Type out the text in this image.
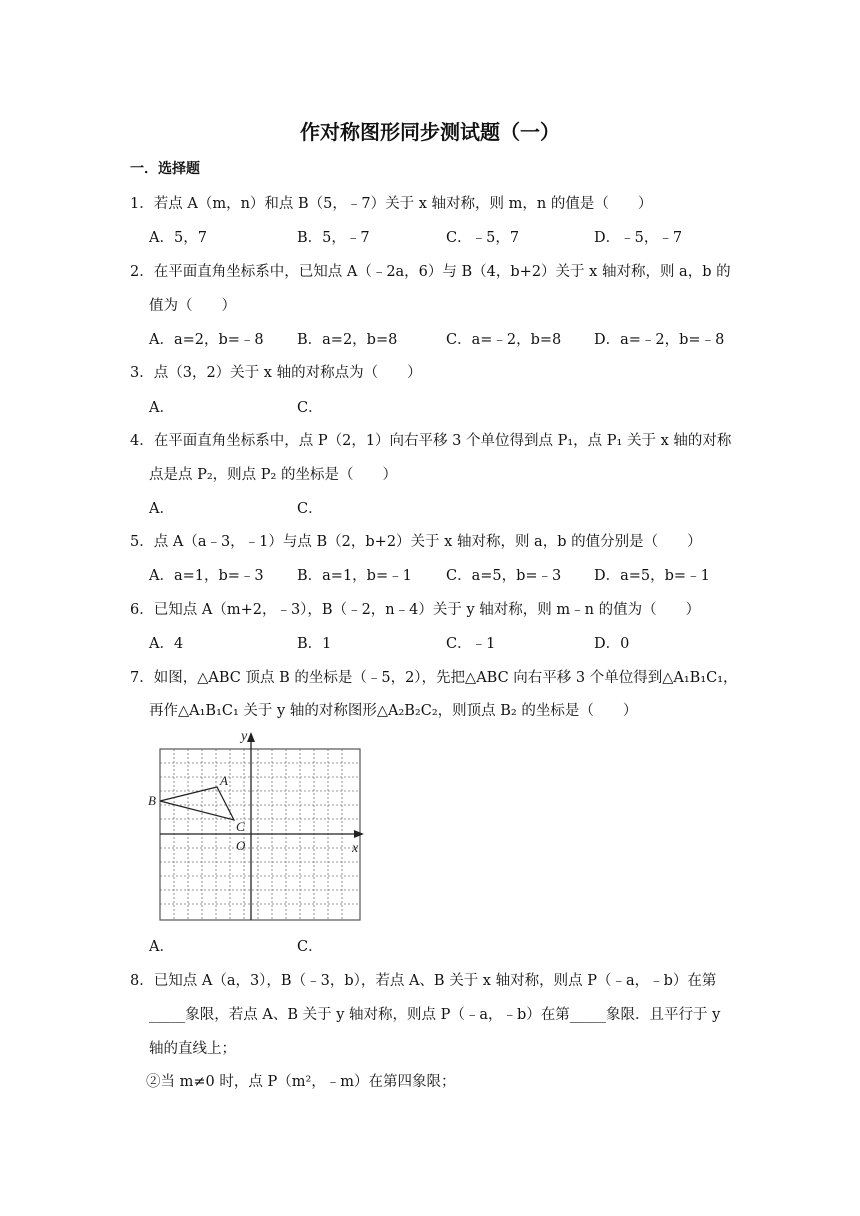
作对称图形同步测试题（一）
一．选择题
1．若点 A（m，n）和点 B（5，﹣7）关于 x 轴对称，则 m，n 的值是（　　）
A．5，7	B．5，﹣7	C．﹣5，7	D．﹣5，﹣7
2．在平面直角坐标系中，已知点 A（﹣2a，6）与 B（4，b+2）关于 x 轴对称，则 a，b 的
值为（　　）
A．a=2，b=﹣8 B．a=2，b=8	C．a=﹣2，b=8 D．a=﹣2，b=﹣8
3．点（3，2）关于 x 轴的对称点为（　　）
A．	C．
4．在平面直角坐标系中，点 P（2，1）向右平移 3 个单位得到点 P₁，点 P₁ 关于 x 轴的对称
点是点 P₂，则点 P₂ 的坐标是（　　）
A．	C．
5．点 A（a﹣3，﹣1）与点 B（2，b+2）关于 x 轴对称，则 a，b 的值分别是（　　）
A．a=1，b=﹣3 B．a=1，b=﹣1 C．a=5，b=﹣3 D．a=5，b=﹣1
6．已知点 A（m+2，﹣3），B（﹣2，n﹣4）关于 y 轴对称，则 m﹣n 的值为（　　）
A．4	B．1	C．﹣1	D．0
7．如图，△ABC 顶点 B 的坐标是（﹣5，2），先把△ABC 向右平移 3 个单位得到△A₁B₁C₁，
再作△A₁B₁C₁ 关于 y 轴的对称图形△A₂B₂C₂，则顶点 B₂ 的坐标是（　　）
y
x
A
B
C
O
A．	C．
8．已知点 A（a，3），B（﹣3，b），若点 A、B 关于 x 轴对称，则点 P（﹣a，﹣b）在第
_____象限，若点 A、B 关于 y 轴对称，则点 P（﹣a，﹣b）在第_____象限．且平行于 y
轴的直线上；
②当 m≠0 时，点 P（m²，﹣m）在第四象限；
